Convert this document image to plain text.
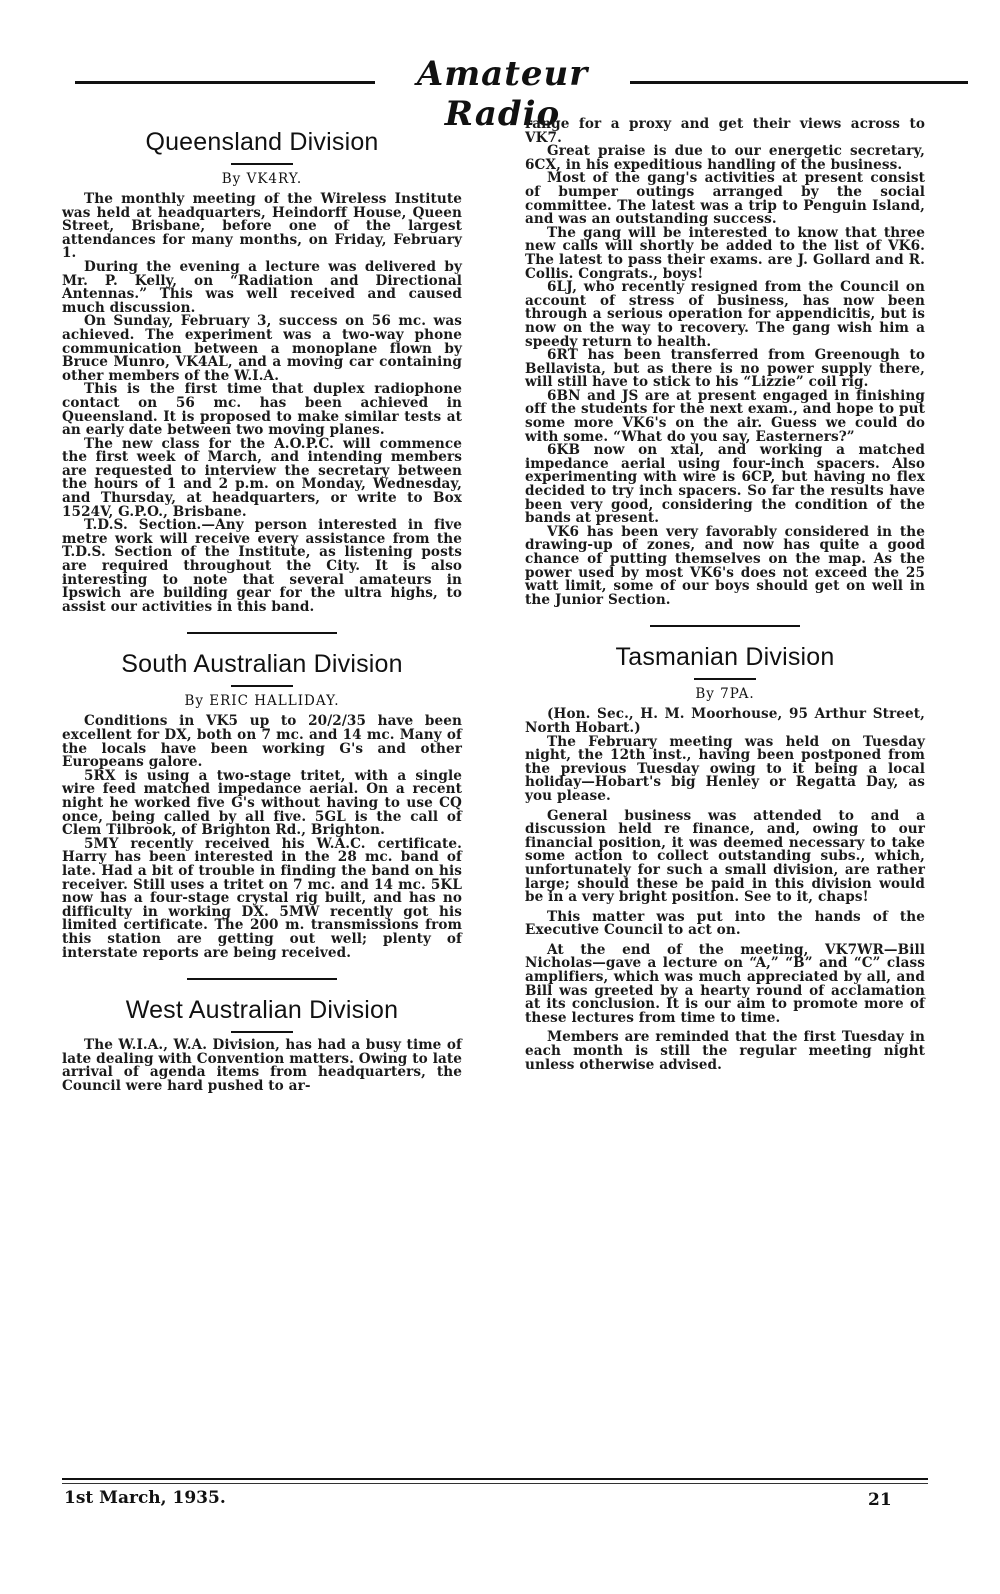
Amateur Radio
Queensland Division
By VK4RY.

The monthly meeting of the Wireless Institute was held at headquarters, Heindorff House, Queen Street, Brisbane, before one of the largest attendances for many months, on Friday, February 1.

During the evening a lecture was delivered by Mr. P. Kelly, on “Radiation and Directional Antennas.” This was well received and caused much discussion.

On Sunday, February 3, success on 56 mc. was achieved. The experiment was a two-way phone communication between a monoplane flown by Bruce Munro, VK4AL, and a moving car containing other members of the W.I.A.

This is the first time that duplex radiophone contact on 56 mc. has been achieved in Queensland. It is proposed to make similar tests at an early date between two moving planes.

The new class for the A.O.P.C. will commence the first week of March, and intending members are requested to interview the secretary between the hours of 1 and 2 p.m. on Monday, Wednesday, and Thursday, at headquarters, or write to Box 1524V, G.P.O., Brisbane.

T.D.S. Section.—Any person interested in five metre work will receive every assistance from the T.D.S. Section of the Institute, as listening posts are required throughout the City. It is also interesting to note that several amateurs in Ipswich are building gear for the ultra highs, to assist our activities in this band.

South Australian Division
By ERIC HALLIDAY.

Conditions in VK5 up to 20/2/35 have been excellent for DX, both on 7 mc. and 14 mc. Many of the locals have been working G's and other Europeans galore.

5RX is using a two-stage tritet, with a single wire feed matched impedance aerial. On a recent night he worked five G's without having to use CQ once, being called by all five. 5GL is the call of Clem Tilbrook, of Brighton Rd., Brighton.

5MY recently received his W.A.C. certificate. Harry has been interested in the 28 mc. band of late. Had a bit of trouble in finding the band on his receiver. Still uses a tritet on 7 mc. and 14 mc. 5KL now has a four-stage crystal rig built, and has no difficulty in working DX. 5MW recently got his limited certificate. The 200 m. transmissions from this station are getting out well; plenty of interstate reports are being received.

West Australian Division

The W.I.A., W.A. Division, has had a busy time of late dealing with Convention matters. Owing to late arrival of agenda items from headquarters, the Council were hard pushed to ar-

range for a proxy and get their views across to VK7.

Great praise is due to our energetic secretary, 6CX, in his expeditious handling of the business.

Most of the gang's activities at present consist of bumper outings arranged by the social committee. The latest was a trip to Penguin Island, and was an outstanding success.

The gang will be interested to know that three new calls will shortly be added to the list of VK6. The latest to pass their exams. are J. Gollard and R. Collis. Congrats., boys!

6LJ, who recently resigned from the Council on account of stress of business, has now been through a serious operation for appendicitis, but is now on the way to recovery. The gang wish him a speedy return to health.

6RT has been transferred from Greenough to Bellavista, but as there is no power supply there, will still have to stick to his “Lizzie” coil rig.

6BN and JS are at present engaged in finishing off the students for the next exam., and hope to put some more VK6's on the air. Guess we could do with some. “What do you say, Easterners?”

6KB now on xtal, and working a matched impedance aerial using four-inch spacers. Also experimenting with wire is 6CP, but having no flex decided to try inch spacers. So far the results have been very good, considering the condition of the bands at present.

VK6 has been very favorably considered in the drawing-up of zones, and now has quite a good chance of putting themselves on the map. As the power used by most VK6's does not exceed the 25 watt limit, some of our boys should get on well in the Junior Section.

Tasmanian Division
By 7PA.

(Hon. Sec., H. M. Moorhouse, 95 Arthur Street, North Hobart.)

The February meeting was held on Tuesday night, the 12th inst., having been postponed from the previous Tuesday owing to it being a local holiday—Hobart's big Henley or Regatta Day, as you please.

General business was attended to and a discussion held re finance, and, owing to our financial position, it was deemed necessary to take some action to collect outstanding subs., which, unfortunately for such a small division, are rather large; should these be paid in this division would be in a very bright position. See to it, chaps!

This matter was put into the hands of the Executive Council to act on.

At the end of the meeting, VK7WR—Bill Nicholas—gave a lecture on “A,” “B” and “C” class amplifiers, which was much appreciated by all, and Bill was greeted by a hearty round of acclamation at its conclusion. It is our aim to promote more of these lectures from time to time.

Members are reminded that the first Tuesday in each month is still the regular meeting night unless otherwise advised.

1st March, 1935.	21
